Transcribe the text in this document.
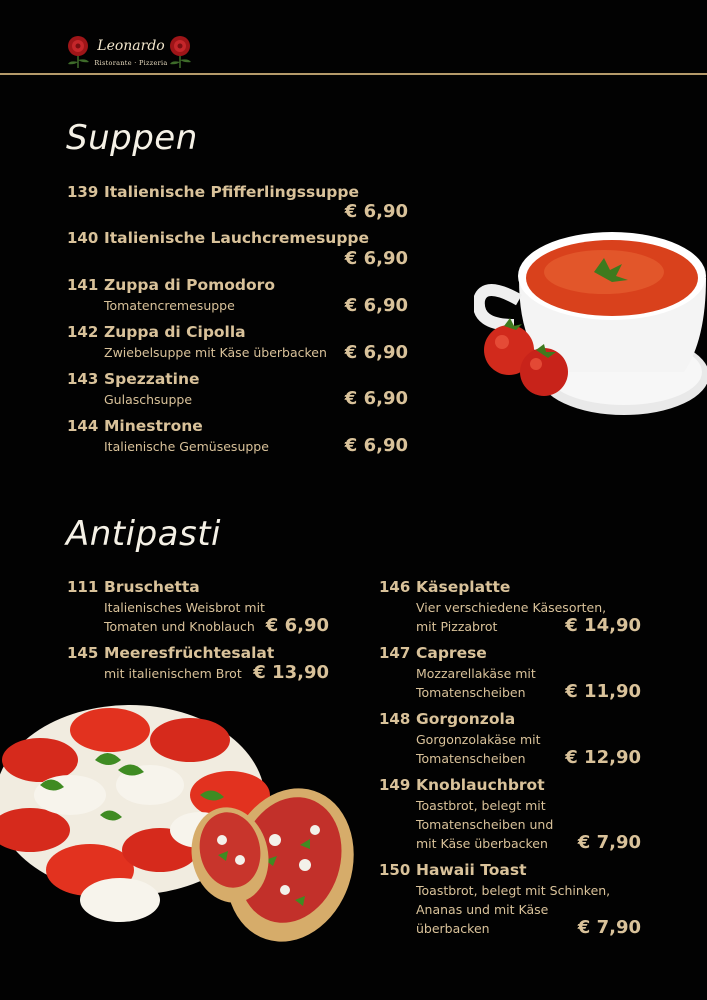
Leonardo
Ristorante · Pizzeria
Suppen
139 Italienische Pfifferlingssuppe
€ 6,90
140 Italienische Lauchcremesuppe
€ 6,90
141 Zuppa di Pomodoro
Tomatencremesuppe	€ 6,90
142 Zuppa di Cipolla
Zwiebelsuppe mit Käse überbacken € 6,90
143 Spezzatine
Gulaschsuppe	€ 6,90
144 Minestrone
Italienische Gemüsesuppe	€ 6,90
Antipasti
111 Bruschetta
Italienisches Weisbrot mit
Tomaten und Knoblauch € 6,90
145 Meeresfrüchtesalat
mit italienischem Brot € 13,90
146 Käseplatte
Vier verschiedene Käsesorten,
mit Pizzabrot	€ 14,90
147 Caprese
Mozzarellakäse mit
Tomatenscheiben € 11,90
148 Gorgonzola
Gorgonzolakäse mit
Tomatenscheiben € 12,90
149 Knoblauchbrot
Toastbrot, belegt mit
Tomatenscheiben und
mit Käse überbacken € 7,90
150 Hawaii Toast
Toastbrot, belegt mit Schinken,
Ananas und mit Käse
überbacken	€ 7,90
